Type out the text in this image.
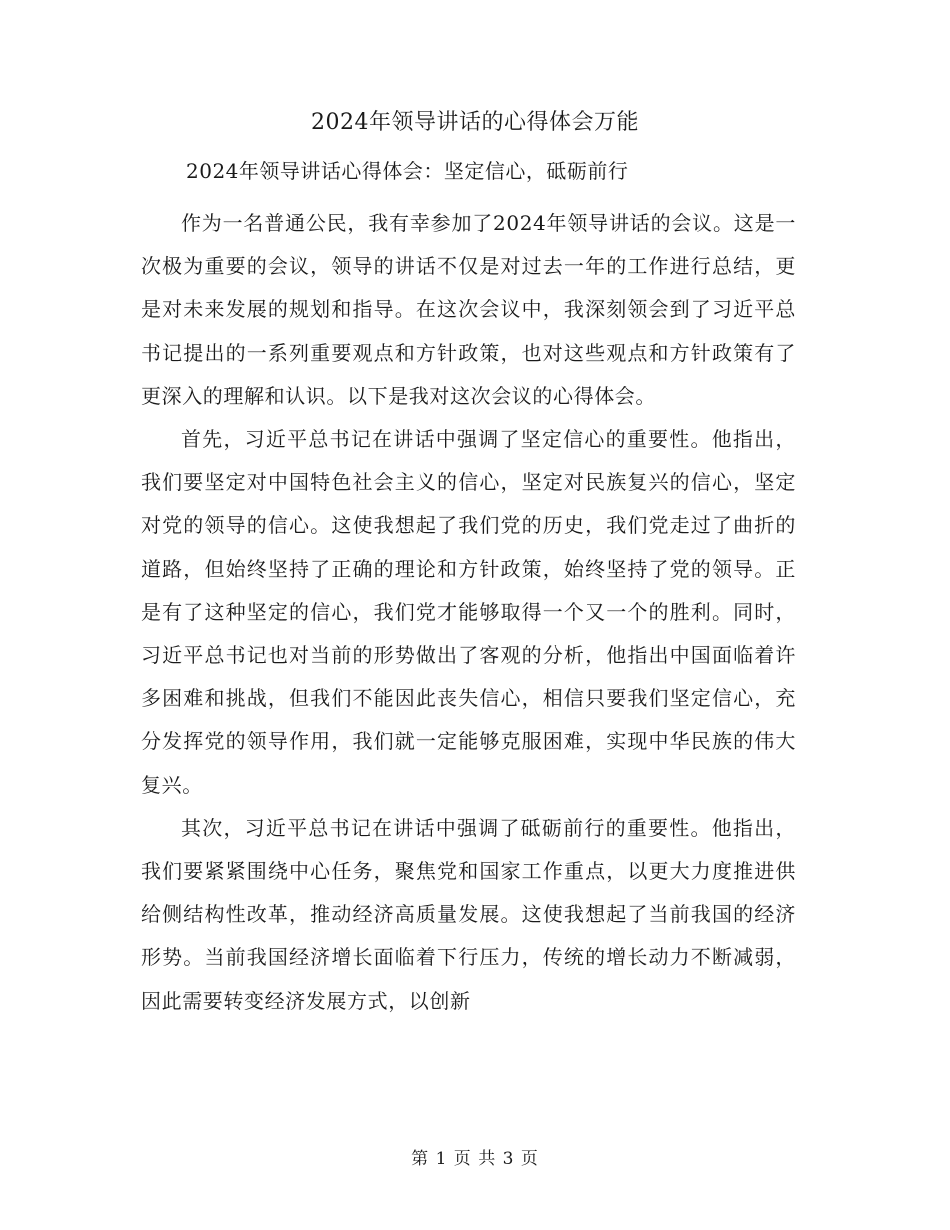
2024年领导讲话的心得体会万能
2024年领导讲话心得体会：坚定信心，砥砺前行

作为一名普通公民，我有幸参加了2024年领导讲话的会议。这是一次极为重要的会议，领导的讲话不仅是对过去一年的工作进行总结，更是对未来发展的规划和指导。在这次会议中，我深刻领会到了习近平总书记提出的一系列重要观点和方针政策，也对这些观点和方针政策有了更深入的理解和认识。以下是我对这次会议的心得体会。

首先，习近平总书记在讲话中强调了坚定信心的重要性。他指出，我们要坚定对中国特色社会主义的信心，坚定对民族复兴的信心，坚定对党的领导的信心。这使我想起了我们党的历史，我们党走过了曲折的道路，但始终坚持了正确的理论和方针政策，始终坚持了党的领导。正是有了这种坚定的信心，我们党才能够取得一个又一个的胜利。同时，习近平总书记也对当前的形势做出了客观的分析，他指出中国面临着许多困难和挑战，但我们不能因此丧失信心，相信只要我们坚定信心，充分发挥党的领导作用，我们就一定能够克服困难，实现中华民族的伟大复兴。

其次，习近平总书记在讲话中强调了砥砺前行的重要性。他指出，我们要紧紧围绕中心任务，聚焦党和国家工作重点，以更大力度推进供给侧结构性改革，推动经济高质量发展。这使我想起了当前我国的经济形势。当前我国经济增长面临着下行压力，传统的增长动力不断减弱，因此需要转变经济发展方式，以创新

第 1 页 共 3 页
